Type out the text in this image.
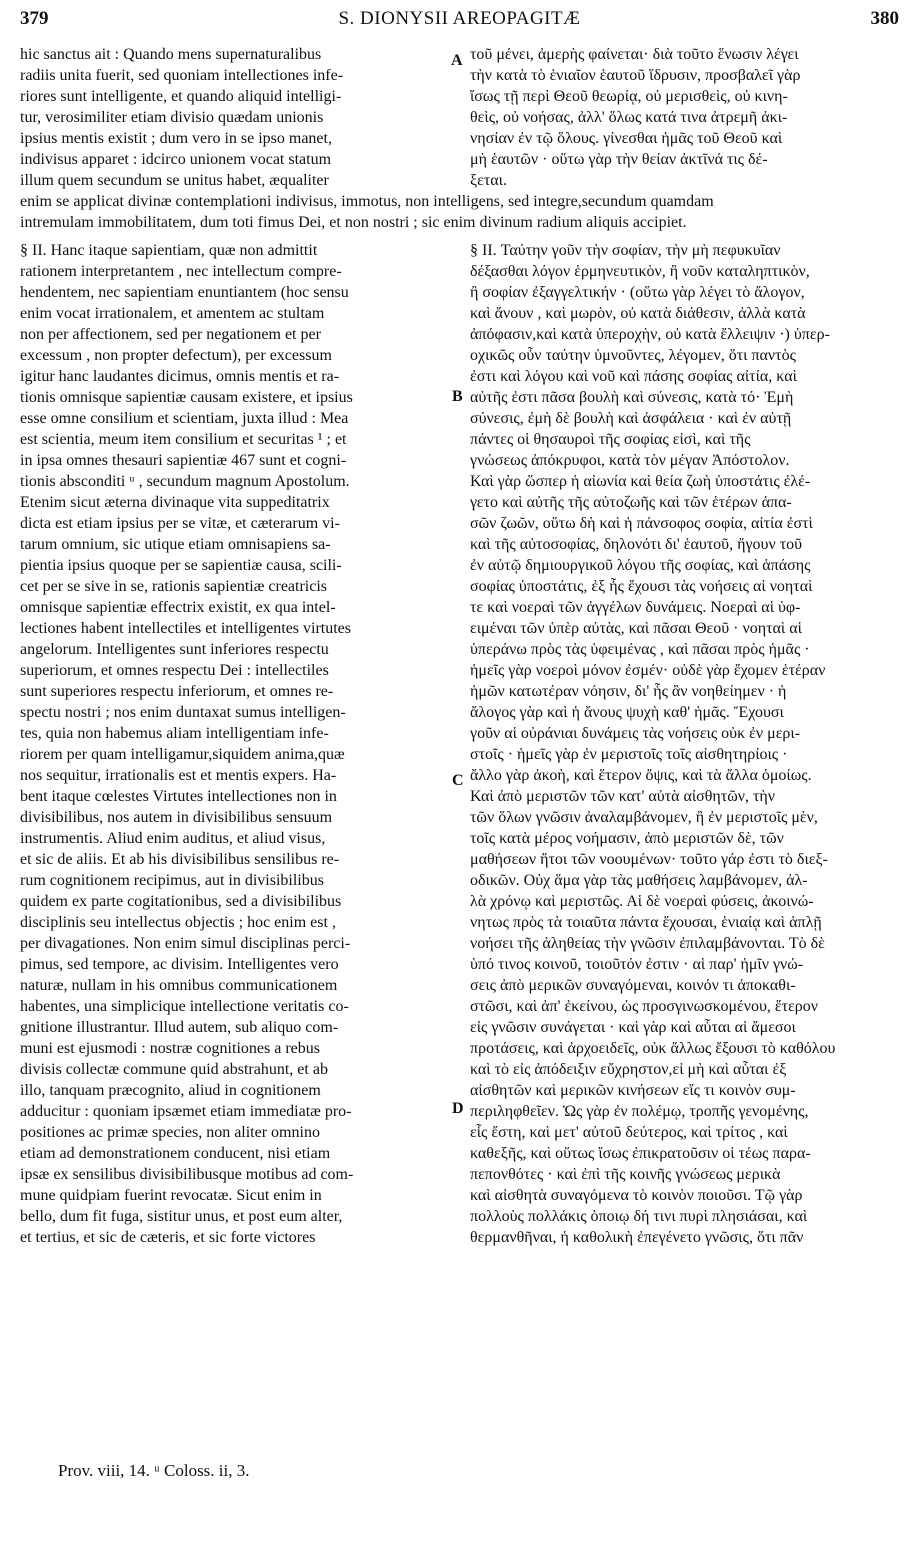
379	S. DIONYSII AREOPAGITÆ	380
hic sanctus ait : Quando mens supernaturalibus
radiis unita fuerit, sed quoniam intellectiones infe-
riores sunt intelligente, et quando aliquid intelligi-
tur, verosimiliter etiam divisio quædam unionis
ipsius mentis existit ; dum vero in se ipso manet,
indivisus apparet : idcirco unionem vocat statum
illum quem secundum se unitus habet, æqualiter
τοῦ μένει, ἀμερὴς φαίνεται· διὰ τοῦτο ἕνωσιν λέγει
τὴν κατὰ τὸ ἑνιαῖον ἑαυτοῦ ἵδρυσιν, προσβαλεῖ γὰρ
ἴσως τῇ περὶ Θεοῦ θεωρίᾳ, οὐ μερισθεὶς, οὐ κινη-
θεὶς, οὐ νοήσας, ἀλλ' ὅλως κατά τινα ἀτρεμῆ ἀκι-
νησίαν ἐν τῷ ὅλους. γίνεσθαι ἡμᾶς τοῦ Θεοῦ καὶ
μὴ ἑαυτῶν · οὕτω γὰρ τὴν θείαν ἀκτῖνά τις δέ-
ξεται.
enim se applicat divinæ contemplationi indivisus, immotus, non intelligens, sed integre,secundum quamdam
intremulam immobilitatem, dum toti fimus Dei, et non nostri ; sic enim divinum radium aliquis accipiet.
§ II. Hanc itaque sapientiam, quæ non admittit
rationem interpretantem , nec intellectum compre-
hendentem, nec sapientiam enuntiantem (hoc sensu
enim vocat irrationalem, et amentem ac stultam
non per affectionem, sed per negationem et per
excessum , non propter defectum), per excessum
igitur hanc laudantes dicimus, omnis mentis et ra-
tionis omnisque sapientiæ causam existere, et ipsius
esse omne consilium et scientiam, juxta illud : Mea
est scientia, meum item consilium et securitas ¹ ; et
in ipsa omnes thesauri sapientiæ 467 sunt et cogni-
tionis absconditi ᵘ , secundum magnum Apostolum.
Etenim sicut æterna divinaque vita suppeditatrix
dicta est etiam ipsius per se vitæ, et cæterarum vi-
tarum omnium, sic utique etiam omnisapiens sa-
pientia ipsius quoque per se sapientiæ causa, scili-
cet per se sive in se, rationis sapientiæ creatricis
omnisque sapientiæ effectrix existit, ex qua intel-
lectiones habent intellectiles et intelligentes virtutes
angelorum. Intelligentes sunt inferiores respectu
superiorum, et omnes respectu Dei : intellectiles
sunt superiores respectu inferiorum, et omnes re-
spectu nostri ; nos enim duntaxat sumus intelligen-
tes, quia non habemus aliam intelligentiam infe-
riorem per quam intelligamur,siquidem anima,quæ
nos sequitur, irrationalis est et mentis expers. Ha-
bent itaque cœlestes Virtutes intellectiones non in
divisibilibus, nos autem in divisibilibus sensuum
instrumentis. Aliud enim auditus, et aliud visus,
et sic de aliis. Et ab his divisibilibus sensilibus re-
rum cognitionem recipimus, aut in divisibilibus
quidem ex parte cogitationibus, sed a divisibilibus
disciplinis seu intellectus objectis ; hoc enim est ,
per divagationes. Non enim simul disciplinas perci-
pimus, sed tempore, ac divisim. Intelligentes vero
naturæ, nullam in his omnibus communicationem
habentes, una simplicique intellectione veritatis co-
gnitione illustrantur. Illud autem, sub aliquo com-
muni est ejusmodi : nostræ cognitiones a rebus
divisis collectæ commune quid abstrahunt, et ab
illo, tanquam præcognito, aliud in cognitionem
adducitur : quoniam ipsæmet etiam immediatæ pro-
positiones ac primæ species, non aliter omnino
etiam ad demonstrationem conducent, nisi etiam
ipsæ ex sensilibus divisibilibusque motibus ad com-
mune quidpiam fuerint revocatæ. Sicut enim in
bello, dum fit fuga, sistitur unus, et post eum alter,
et tertius, et sic de cæteris, et sic forte victores
§ II. Ταύτην γοῦν τὴν σοφίαν, τὴν μὴ πεφυκυῖαν
δέξασθαι λόγον ἑρμηνευτικὸν, ἢ νοῦν καταληπτικὸν,
ἢ σοφίαν ἐξαγγελτικήν · (οὕτω γὰρ λέγει τὸ ἄλογον,
καὶ ἄνουν , καὶ μωρὸν, οὐ κατὰ διάθεσιν, ἀλλὰ κατὰ
ἀπόφασιν,καὶ κατὰ ὑπεροχὴν, οὐ κατὰ ἔλλειψιν ·) ὑπερ-
οχικῶς οὖν ταύτην ὑμνοῦντες, λέγομεν, ὅτι παντὸς
ἐστι καὶ λόγου καὶ νοῦ καὶ πάσης σοφίας αἰτία, καὶ
αὐτῆς ἐστι πᾶσα βουλὴ καὶ σύνεσις, κατὰ τό· Ἐμὴ
σύνεσις, ἐμὴ δὲ βουλὴ καὶ ἀσφάλεια · καὶ ἐν αὐτῇ
πάντες οἱ θησαυροὶ τῆς σοφίας εἰσὶ, καὶ τῆς
γνώσεως ἀπόκρυφοι, κατὰ τὸν μέγαν Ἀπόστολον.
Καὶ γὰρ ὥσπερ ἡ αἰωνία καὶ θεία ζωὴ ὑποστάτις ἐλέ-
γετο καὶ αὐτῆς τῆς αὐτοζωῆς καὶ τῶν ἑτέρων ἁπα-
σῶν ζωῶν, οὕτω δὴ καὶ ἡ πάνσοφος σοφία, αἰτία ἐστὶ
καὶ τῆς αὐτοσοφίας, δηλονότι δι' ἑαυτοῦ, ἤγουν τοῦ
ἐν αὐτῷ δημιουργικοῦ λόγου τῆς σοφίας, καὶ ἁπάσης
σοφίας ὑποστάτις, ἐξ ἧς ἔχουσι τὰς νοήσεις αἱ νοηταὶ
τε καὶ νοεραὶ τῶν ἀγγέλων δυνάμεις. Νοεραὶ αἱ ὑφ-
ειμέναι τῶν ὑπὲρ αὐτὰς, καὶ πᾶσαι Θεοῦ · νοηταὶ αἱ
ὑπεράνω πρὸς τὰς ὑφειμένας , καὶ πᾶσαι πρὸς ἡμᾶς ·
ἡμεῖς γὰρ νοεροὶ μόνον ἐσμέν· οὐδὲ γὰρ ἔχομεν ἑτέραν
ἡμῶν κατωτέραν νόησιν, δι' ἧς ἂν νοηθείημεν · ἡ
ἄλογος γὰρ καὶ ἡ ἄνους ψυχὴ καθ' ἡμᾶς. Ἔχουσι
γοῦν αἱ οὐράνιαι δυνάμεις τὰς νοήσεις οὐκ ἐν μερι-
στοῖς · ἡμεῖς γὰρ ἐν μεριστοῖς τοῖς αἰσθητηρίοις ·
ἄλλο γὰρ ἀκοὴ, καὶ ἕτερον ὄψις, καὶ τὰ ἄλλα ὁμοίως.
Καὶ ἀπὸ μεριστῶν τῶν κατ' αὐτὰ αἰσθητῶν, τὴν
τῶν ὅλων γνῶσιν ἀναλαμβάνομεν, ἢ ἐν μεριστοῖς μὲν,
τοῖς κατὰ μέρος νοήμασιν, ἀπὸ μεριστῶν δὲ, τῶν
μαθήσεων ἤτοι τῶν νοουμένων· τοῦτο γάρ ἐστι τὸ διεξ-
οδικῶν. Οὐχ ἅμα γὰρ τὰς μαθήσεις λαμβάνομεν, ἀλ-
λὰ χρόνῳ καὶ μεριστῶς. Αἱ δὲ νοεραὶ φύσεις, ἀκοινώ-
νητως πρὸς τὰ τοιαῦτα πάντα ἔχουσαι, ἑνιαίᾳ καὶ ἁπλῇ
νοήσει τῆς ἀληθείας τὴν γνῶσιν ἐπιλαμβάνονται. Τὸ δὲ
ὑπό τινος κοινοῦ, τοιοῦτόν ἐστιν · αἱ παρ' ἡμῖν γνώ-
σεις ἀπὸ μερικῶν συναγόμεναι, κοινόν τι ἀποκαθι-
στῶσι, καὶ ἀπ' ἐκείνου, ὡς προσγινωσκομένου, ἕτερον
εἰς γνῶσιν συνάγεται · καὶ γὰρ καὶ αὗται αἱ ἄμεσοι
προτάσεις, καὶ ἀρχοειδεῖς, οὐκ ἄλλως ἔξουσι τὸ καθόλου
καὶ τὸ εἰς ἀπόδειξιν εὔχρηστον,εἰ μὴ καὶ αὗται ἐξ
αἰσθητῶν καὶ μερικῶν κινήσεων εἴς τι κοινὸν συμ-
περιληφθεῖεν. Ὡς γὰρ ἐν πολέμῳ, τροπῆς γενομένης,
εἷς ἔστη, καὶ μετ' αὐτοῦ δεύτερος, καὶ τρίτος , καὶ
καθεξῆς, καὶ οὕτως ἴσως ἐπικρατοῦσιν οἱ τέως παρα-
πεπονθότες · καὶ ἐπὶ τῆς κοινῆς γνώσεως μερικὰ
καὶ αἰσθητὰ συναγόμενα τὸ κοινὸν ποιοῦσι. Τῷ γὰρ
πολλοὺς πολλάκις ὁποιῳ δή τινι πυρὶ πλησιάσαι, καὶ
θερμανθῆναι, ἡ καθολικὴ ἐπεγένετο γνῶσις, ὅτι πᾶν
A
B
C
D
Prov. viii, 14. ᵘ Coloss. ii, 3.
